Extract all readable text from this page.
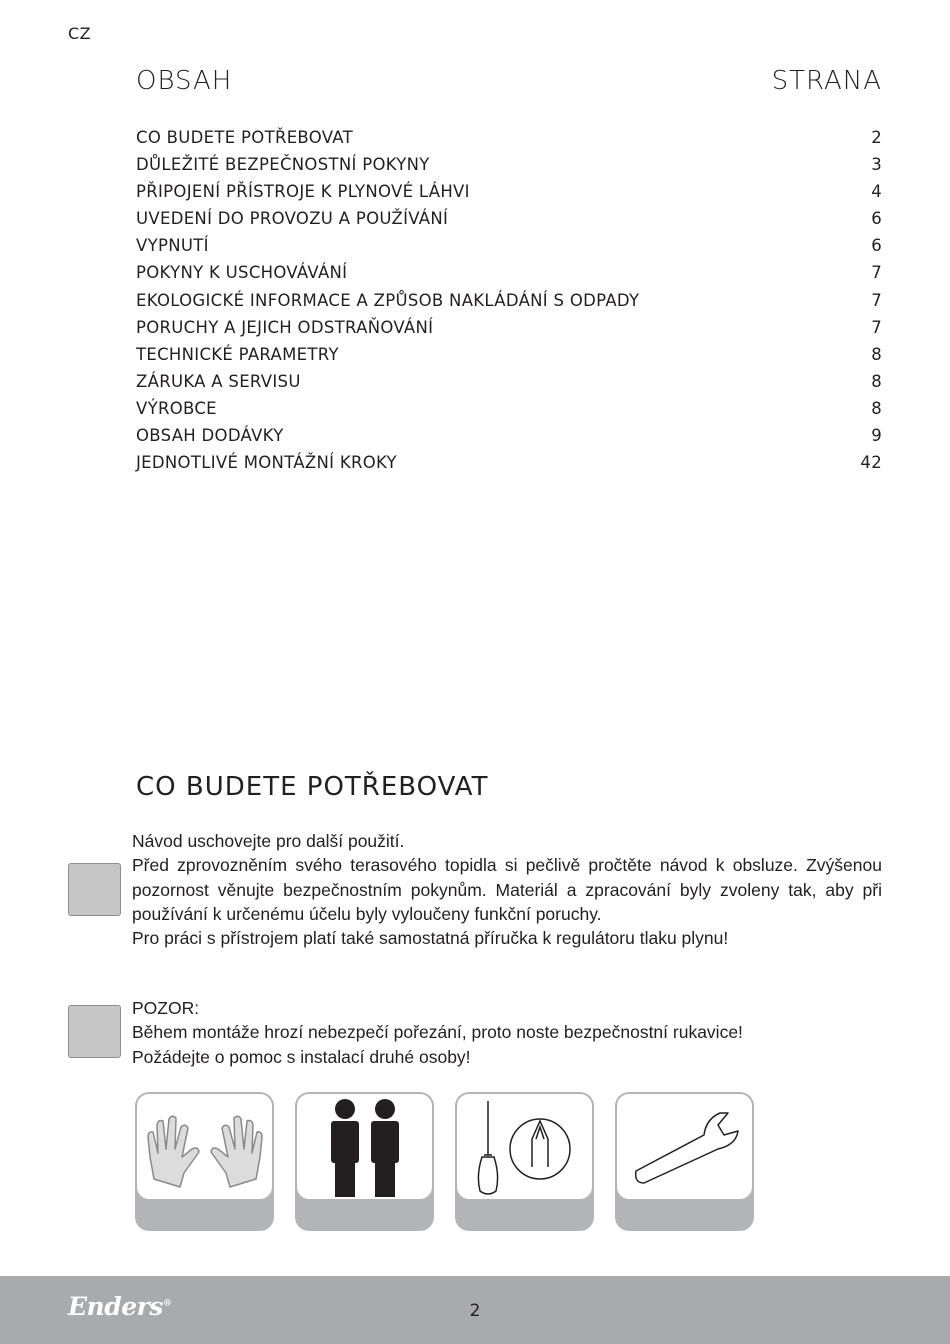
CZ
OBSAH	STRANA
CO BUDETE POTŘEBOVAT	2
DŮLEŽITÉ BEZPEČNOSTNÍ POKYNY	3
PŘIPOJENÍ PŘÍSTROJE K PLYNOVÉ LÁHVI	4
UVEDENÍ DO PROVOZU A POUŽÍVÁNÍ	6
VYPNUTÍ	6
POKYNY K USCHOVÁVÁNÍ	7
EKOLOGICKÉ INFORMACE A ZPŮSOB NAKLÁDÁNÍ S ODPADY	7
PORUCHY A JEJICH ODSTRAŇOVÁNÍ	7
TECHNICKÉ PARAMETRY	8
ZÁRUKA A SERVISU	8
VÝROBCE	8
OBSAH DODÁVKY	9
JEDNOTLIVÉ MONTÁŽNÍ KROKY	42
CO BUDETE POTŘEBOVAT

Návod uschovejte pro další použití.

Před zprovozněním svého terasového topidla si pečlivě pročtěte návod k obsluze. Zvýšenou pozornost věnujte bezpečnostním pokynům. Materiál a zpracování byly zvoleny tak, aby při používání k určenému účelu byly vyloučeny funkční poruchy.

Pro práci s přístrojem platí také samostatná příručka k regulátoru tlaku plynu!

POZOR:

Během montáže hrozí nebezpečí pořezání, proto noste bezpečnostní rukavice!

Požádejte o pomoc s instalací druhé osoby!

Enders®	2
